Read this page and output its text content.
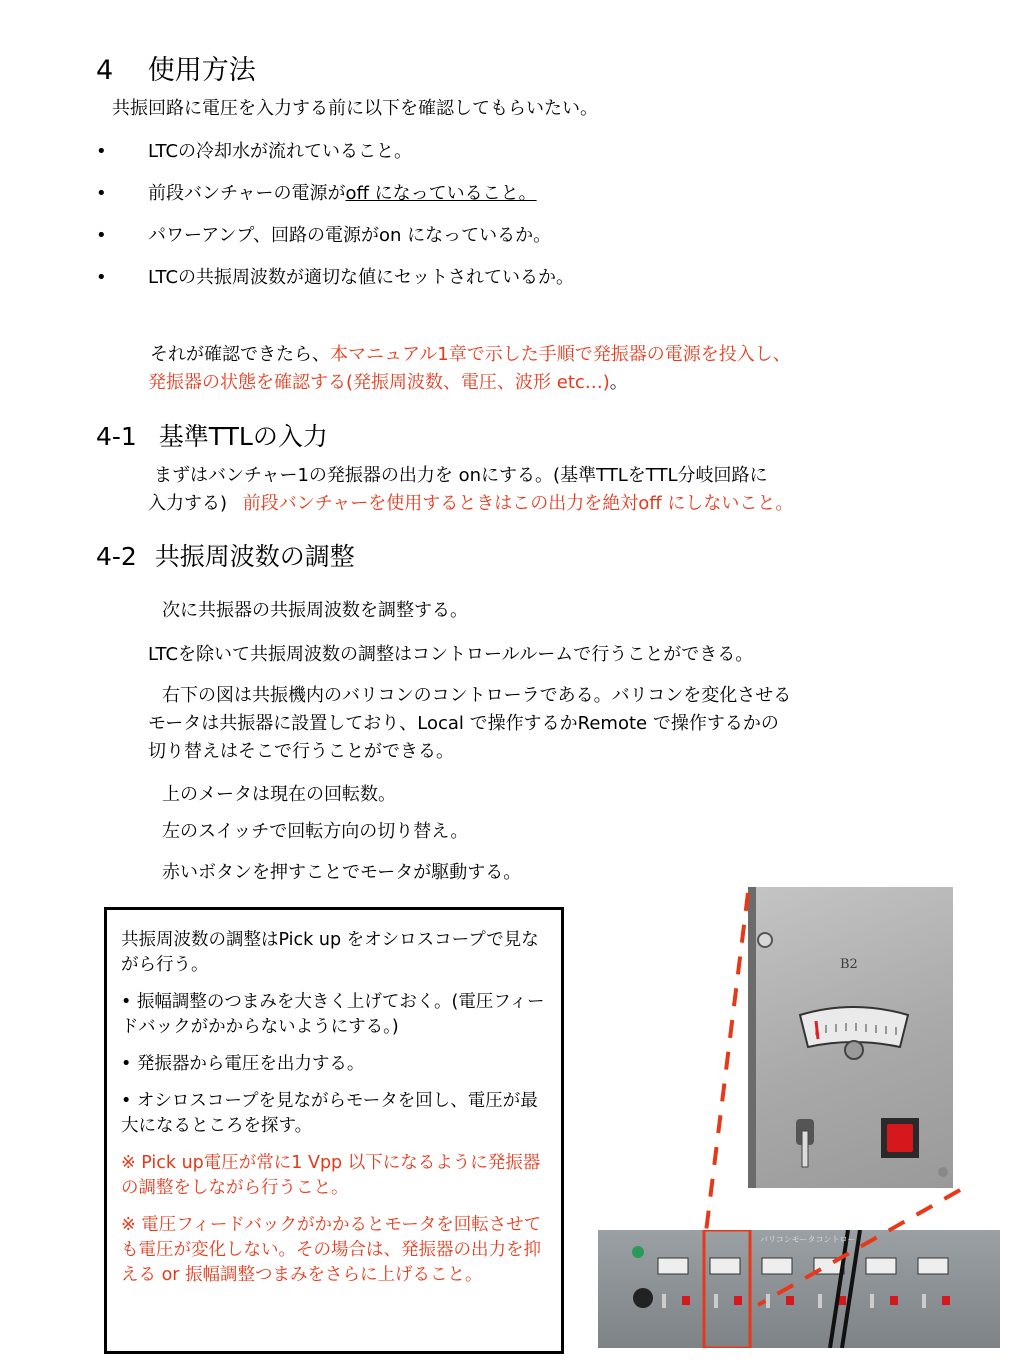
4 使用方法
共振回路に電圧を入力する前に以下を確認してもらいたい。
• LTCの冷却水が流れていること。
• 前段バンチャーの電源がoff になっていること。
• パワーアンプ、回路の電源がon になっているか。
• LTCの共振周波数が適切な値にセットされているか。
それが確認できたら、本マニュアル1章で示した手順で発振器の電源を投入し、
発振器の状態を確認する(発振周波数、電圧、波形 etc…)。
4-1 基準TTLの入力
まずはバンチャー1の発振器の出力を onにする。(基準TTLをTTL分岐回路に
入力する) 前段バンチャーを使用するときはこの出力を絶対off にしないこと。
4-2 共振周波数の調整
次に共振器の共振周波数を調整する。
LTCを除いて共振周波数の調整はコントロールルームで行うことができる。
右下の図は共振機内のバリコンのコントローラである。バリコンを変化させる
モータは共振器に設置しており、Local で操作するかRemote で操作するかの
切り替えはそこで行うことができる。
上のメータは現在の回転数。
左のスイッチで回転方向の切り替え。
赤いボタンを押すことでモータが駆動する。
共振周波数の調整はPick up をオシロスコープで見ながら行う。
• 振幅調整のつまみを大きく上げておく。(電圧フィードバックがかからないようにする。)
• 発振器から電圧を出力する。
• オシロスコープを見ながらモータを回し、電圧が最大になるところを探す。
※ Pick up電圧が常に1 Vpp 以下になるように発振器の調整をしながら行うこと。
※ 電圧フィードバックがかかるとモータを回転させても電圧が変化しない。その場合は、発振器の出力を抑える or 振幅調整つまみをさらに上げること。
B2
バリコンモータコントロー
